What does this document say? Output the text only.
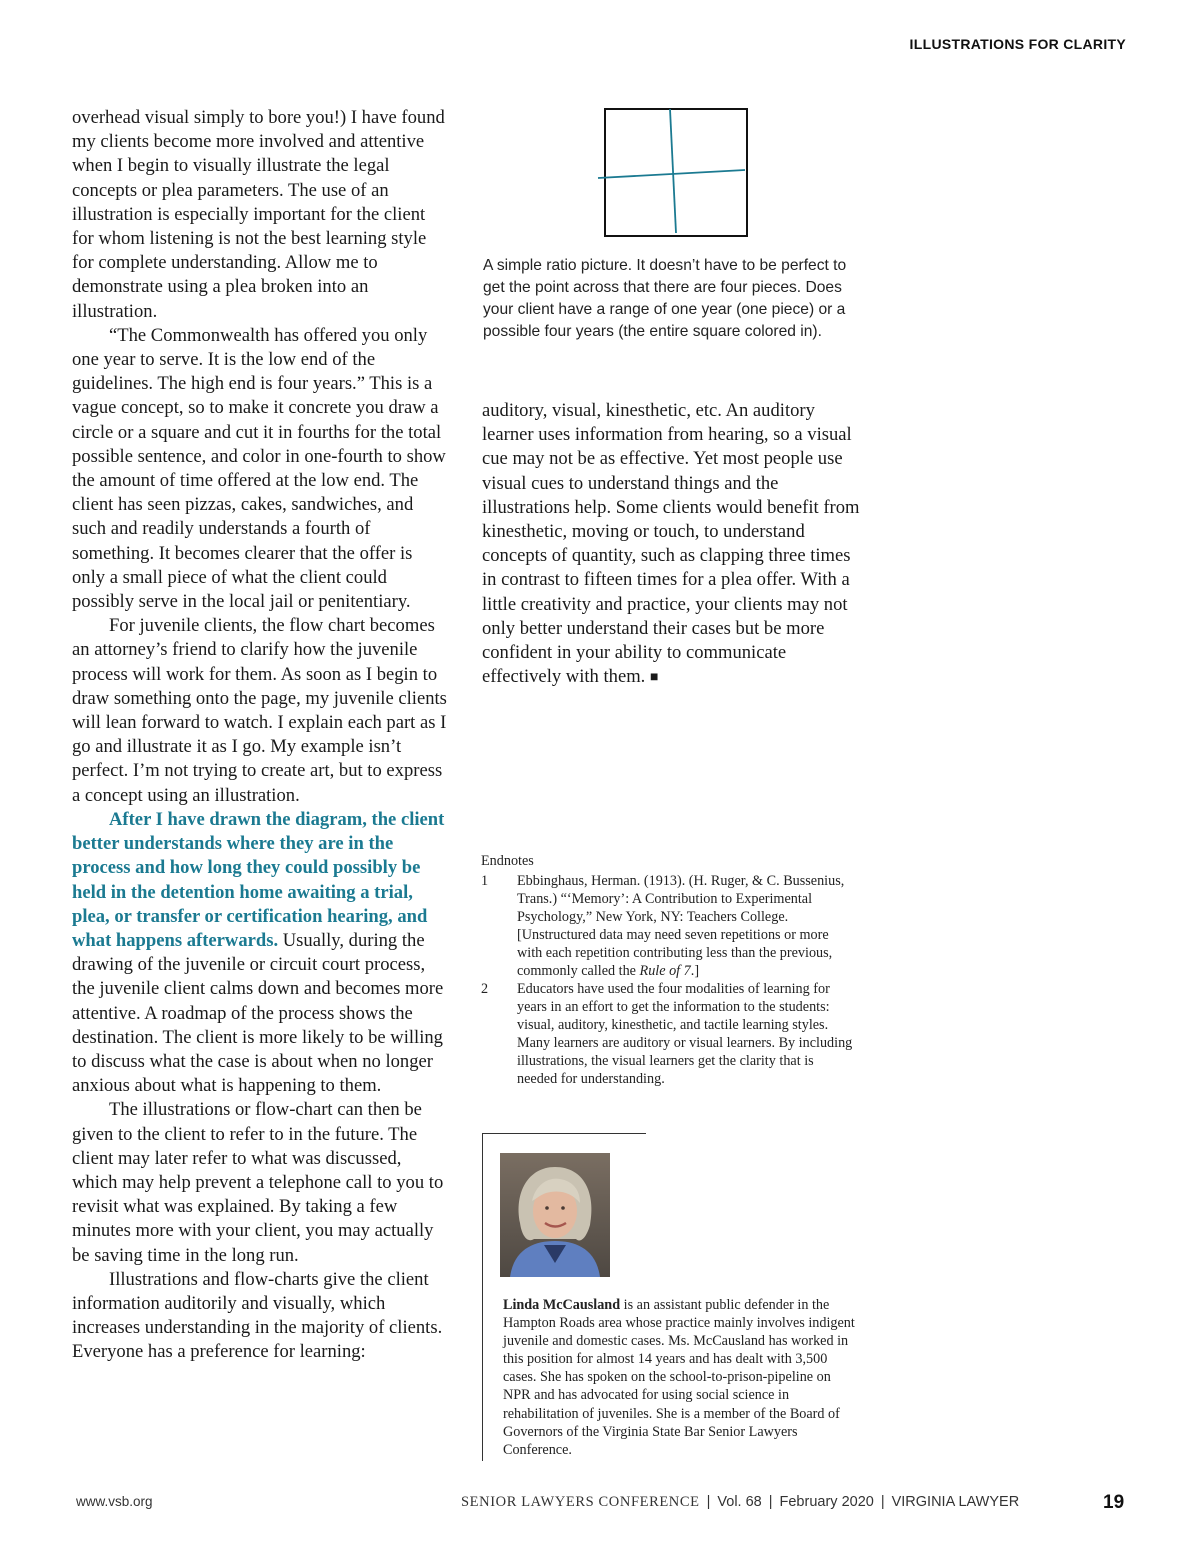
ILLUSTRATIONS FOR CLARITY

overhead visual simply to bore you!) I have found my clients become more involved and attentive when I begin to visually illustrate the legal concepts or plea parameters. The use of an illustration is especially important for the client for whom listening is not the best learning style for complete understanding. Allow me to demonstrate using a plea broken into an illustration.

“The Commonwealth has offered you only one year to serve. It is the low end of the guidelines. The high end is four years.” This is a vague concept, so to make it concrete you draw a circle or a square and cut it in fourths for the total possible sentence, and color in one-fourth to show the amount of time offered at the low end. The client has seen pizzas, cakes, sandwiches, and such and readily understands a fourth of something. It becomes clearer that the offer is only a small piece of what the client could possibly serve in the local jail or penitentiary.

For juvenile clients, the flow chart becomes an attorney’s friend to clarify how the juvenile process will work for them. As soon as I begin to draw something onto the page, my juvenile clients will lean forward to watch. I explain each part as I go and illustrate it as I go. My example isn’t perfect. I’m not trying to create art, but to express a concept using an illustration.

After I have drawn the diagram, the client better understands where they are in the process and how long they could possibly be held in the detention home awaiting a trial, plea, or transfer or certification hearing, and what happens afterwards. Usually, during the drawing of the juvenile or circuit court process, the juvenile client calms down and becomes more attentive. A roadmap of the process shows the destination. The client is more likely to be willing to discuss what the case is about when no longer anxious about what is happening to them.

The illustrations or flow-chart can then be given to the client to refer to in the future. The client may later refer to what was discussed, which may help prevent a telephone call to you to revisit what was explained. By taking a few minutes more with your client, you may actually be saving time in the long run.

Illustrations and flow-charts give the client information auditorily and visually, which increases understanding in the majority of clients. Everyone has a preference for learning:

A simple ratio picture. It doesn’t have to be perfect to get the point across that there are four pieces. Does your client have a range of one year (one piece) or a possible four years (the entire square colored in).

auditory, visual, kinesthetic, etc. An auditory learner uses information from hearing, so a visual cue may not be as effective. Yet most people use visual cues to understand things and the illustrations help. Some clients would benefit from kinesthetic, moving or touch, to understand concepts of quantity, such as clapping three times in contrast to fifteen times for a plea offer. With a little creativity and practice, your clients may not only better understand their cases but be more confident in your ability to communicate effectively with them. ■

Endnotes

1	Ebbinghaus, Herman. (1913). (H. Ruger, & C. Bussenius, Trans.) “‘Memory’: A Contribution to Experimental Psychology,” New York, NY: Teachers College. [Unstructured data may need seven repetitions or more with each repetition contributing less than the previous, commonly called the Rule of 7.]
2	Educators have used the four modalities of learning for years in an effort to get the information to the students: visual, auditory, kinesthetic, and tactile learning styles. Many learners are auditory or visual learners. By including illustrations, the visual learners get the clarity that is needed for understanding.
Linda McCausland is an assistant public defender in the Hampton Roads area whose practice mainly involves indigent juvenile and domestic cases. Ms. McCausland has worked in this position for almost 14 years and has dealt with 3,500 cases. She has spoken on the school-to-prison-pipeline on NPR and has advocated for using social science in rehabilitation of juveniles. She is a member of the Board of Governors of the Virginia State Bar Senior Lawyers Conference.
www.vsb.org	SENIOR LAWYERS CONFERENCE | Vol. 68 | February 2020 | VIRGINIA LAWYER	19
